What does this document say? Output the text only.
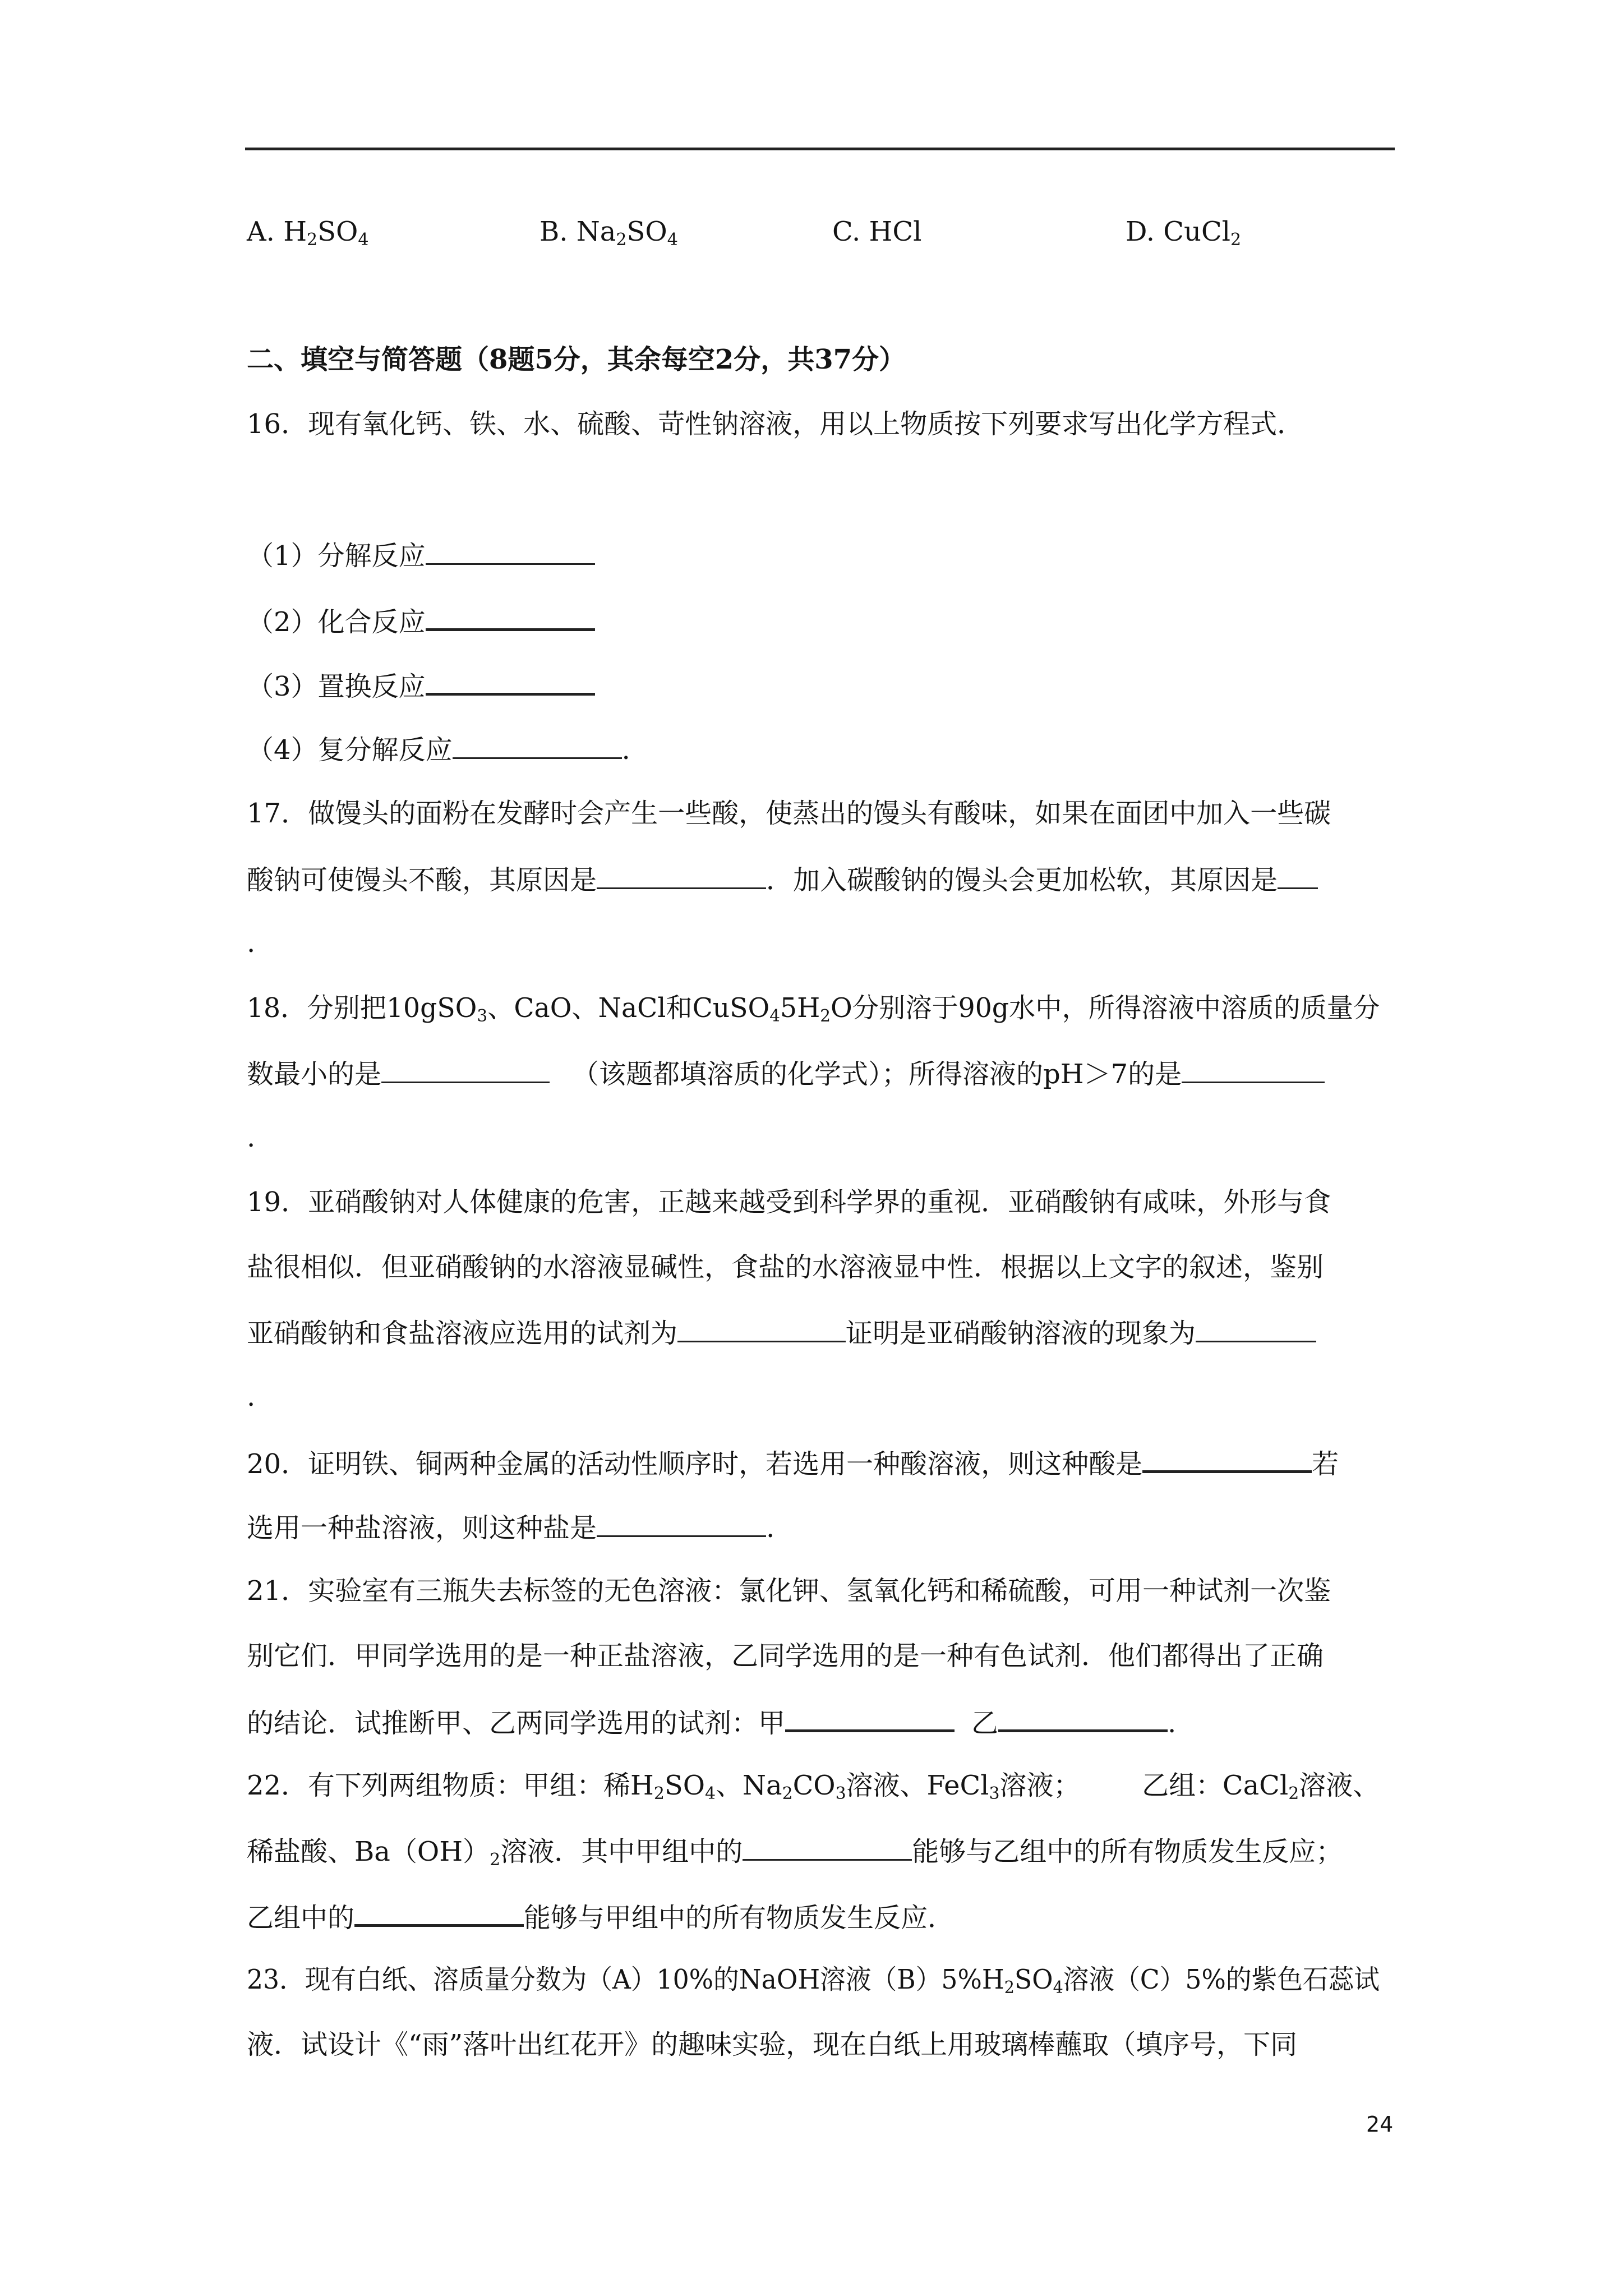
A. $H_2SO_4$	B. $Na_2SO_4$	C. HCl	D. CuCl$_2$
二、填空与简答题（8题5分，其余每空2分，共37分）
16．现有氧化钙、铁、水、硫酸、苛性钠溶液，用以上物质按下列要求写出化学方程式．
（1）分解反应
（2）化合反应
（3）置换反应
（4）复分解反应	.
17．做馒头的面粉在发酵时会产生一些酸，使蒸出的馒头有酸味，如果在面团中加入一些碳
酸钠可使馒头不酸，其原因是	．加入碳酸钠的馒头会更加松软，其原因是
.
18．分别把10gSO$_3$、CaO、NaCl和$CuSO_45H_2O$分别溶于90g水中，所得溶液中溶质的质量分
数最小的是	（该题都填溶质的化学式）；所得溶液的pH＞7的是
.
19．亚硝酸钠对人体健康的危害，正越来越受到科学界的重视．亚硝酸钠有咸味，外形与食
盐很相似．但亚硝酸钠的水溶液显碱性，食盐的水溶液显中性．根据以上文字的叙述，鉴别
亚硝酸钠和食盐溶液应选用的试剂为	证明是亚硝酸钠溶液的现象为
.
20．证明铁、铜两种金属的活动性顺序时，若选用一种酸溶液，则这种酸是	若
选用一种盐溶液，则这种盐是	.
21．实验室有三瓶失去标签的无色溶液：氯化钾、氢氧化钙和稀硫酸，可用一种试剂一次鉴
别它们．甲同学选用的是一种正盐溶液，乙同学选用的是一种有色试剂．他们都得出了正确
的结论．试推断甲、乙两同学选用的试剂：甲	乙	.
22．有下列两组物质：甲组：稀$H_2SO_4$、$Na_2CO_3$溶液、FeCl$_3$溶液； 乙组：CaCl$_2$溶液、
稀盐酸、$Ba(OH)_2$溶液．其中甲组中的	能够与乙组中的所有物质发生反应；
乙组中的	能够与甲组中的所有物质发生反应．
23．现有白纸、溶质量分数为（A）10%的NaOH溶液$(B)5\%H_2SO_4$溶液（C）5%的紫色石蕊试
液．试设计《“雨”落叶出红花开》的趣味实验，现在白纸上用玻璃棒蘸取（填序号，下同
24
